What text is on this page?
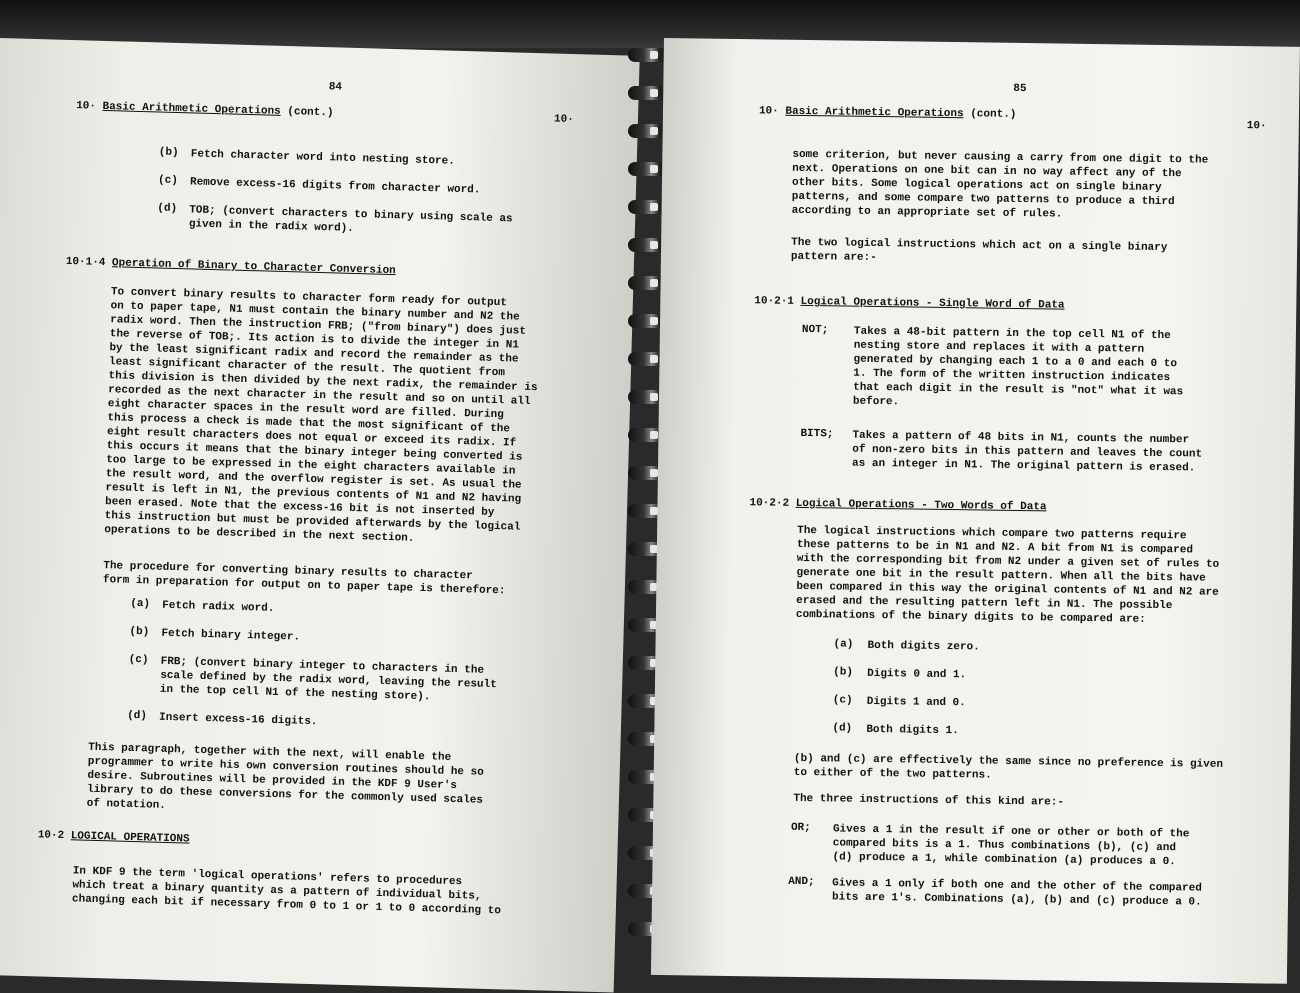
84
10· Basic Arithmetic Operations (cont.)
10·
(b) Fetch character word into nesting store.
(c) Remove excess-16 digits from character word.
(d) TOB; (convert characters to binary using scale as
given in the radix word).
10·1·4 Operation of Binary to Character Conversion
To convert binary results to character form ready for output
on to paper tape, N1 must contain the binary number and N2 the
radix word. Then the instruction FRB; ("from binary") does just
the reverse of TOB;. Its action is to divide the integer in N1
by the least significant radix and record the remainder as the
least significant character of the result. The quotient from
this division is then divided by the next radix, the remainder is
recorded as the next character in the result and so on until all
eight character spaces in the result word are filled. During
this process a check is made that the most significant of the
eight result characters does not equal or exceed its radix. If
this occurs it means that the binary integer being converted is
too large to be expressed in the eight characters available in
the result word, and the overflow register is set. As usual the
result is left in N1, the previous contents of N1 and N2 having
been erased. Note that the excess-16 bit is not inserted by
this instruction but must be provided afterwards by the logical
operations to be described in the next section.
The procedure for converting binary results to character
form in preparation for output on to paper tape is therefore:
(a) Fetch radix word.
(b) Fetch binary integer.
(c) FRB; (convert binary integer to characters in the
scale defined by the radix word, leaving the result
in the top cell N1 of the nesting store).
(d) Insert excess-16 digits.
This paragraph, together with the next, will enable the
programmer to write his own conversion routines should he so
desire. Subroutines will be provided in the KDF 9 User's
library to do these conversions for the commonly used scales
of notation.
10·2 LOGICAL OPERATIONS
In KDF 9 the term 'logical operations' refers to procedures
which treat a binary quantity as a pattern of individual bits,
changing each bit if necessary from 0 to 1 or 1 to 0 according to
85
10· Basic Arithmetic Operations (cont.)
10·
some criterion, but never causing a carry from one digit to the
next. Operations on one bit can in no way affect any of the
other bits. Some logical operations act on single binary
patterns, and some compare two patterns to produce a third
according to an appropriate set of rules.
The two logical instructions which act on a single binary
pattern are:-
10·2·1 Logical Operations - Single Word of Data
NOT; Takes a 48-bit pattern in the top cell N1 of the
nesting store and replaces it with a pattern
generated by changing each 1 to a 0 and each 0 to
1. The form of the written instruction indicates
that each digit in the result is "not" what it was
before.
BITS; Takes a pattern of 48 bits in N1, counts the number
of non-zero bits in this pattern and leaves the count
as an integer in N1. The original pattern is erased.
10·2·2 Logical Operations - Two Words of Data
The logical instructions which compare two patterns require
these patterns to be in N1 and N2. A bit from N1 is compared
with the corresponding bit from N2 under a given set of rules to
generate one bit in the result pattern. When all the bits have
been compared in this way the original contents of N1 and N2 are
erased and the resulting pattern left in N1. The possible
combinations of the binary digits to be compared are:
(a) Both digits zero.
(b) Digits 0 and 1.
(c) Digits 1 and 0.
(d) Both digits 1.
(b) and (c) are effectively the same since no preference is given
to either of the two patterns.
The three instructions of this kind are:-
OR; Gives a 1 in the result if one or other or both of the
compared bits is a 1. Thus combinations (b), (c) and
(d) produce a 1, while combination (a) produces a 0.
AND; Gives a 1 only if both one and the other of the compared
bits are 1's. Combinations (a), (b) and (c) produce a 0.
